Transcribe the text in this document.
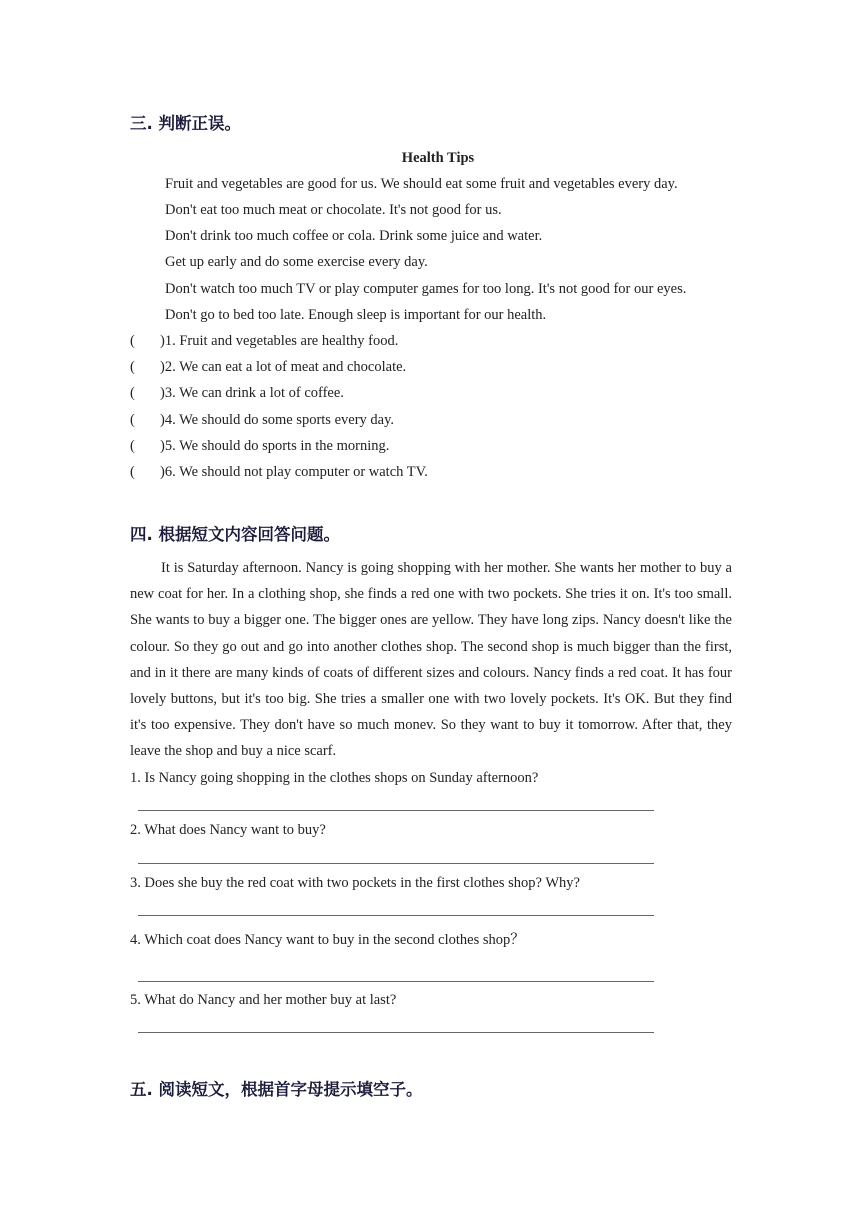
三. 判断正误。
Health Tips
Fruit and vegetables are good for us. We should eat some fruit and vegetables every day.
Don't eat too much meat or chocolate. It's not good for us.
Don't drink too much coffee or cola. Drink some juice and water.
Get up early and do some exercise every day.
Don't watch too much TV or play computer games for too long. It's not good for our eyes.
Don't go to bed too late. Enough sleep is important for our health.
( )1. Fruit and vegetables are healthy food.
( )2. We can eat a lot of meat and chocolate.
( )3. We can drink a lot of coffee.
( )4. We should do some sports every day.
( )5. We should do sports in the morning.
( )6. We should not play computer or watch TV.
四. 根据短文内容回答问题。
It is Saturday afternoon. Nancy is going shopping with her mother. She wants her mother to buy a new coat for her. In a clothing shop, she finds a red one with two pockets. She tries it on. It's too small. She wants to buy a bigger one. The bigger ones are yellow. They have long zips. Nancy doesn't like the colour. So they go out and go into another clothes shop. The second shop is much bigger than the first, and in it there are many kinds of coats of different sizes and colours. Nancy finds a red coat. It has four lovely buttons, but it's too big. She tries a smaller one with two lovely pockets. It's OK. But they find it's too expensive. They don't have so much monev. So they want to buy it tomorrow. After that, they leave the shop and buy a nice scarf.
1. Is Nancy going shopping in the clothes shops on Sunday afternoon?
2. What does Nancy want to buy?
3. Does she buy the red coat with two pockets in the first clothes shop? Why?
4. Which coat does Nancy want to buy in the second clothes shop？
5. What do Nancy and her mother buy at last?
五. 阅读短文，根据首字母提示填空子。
